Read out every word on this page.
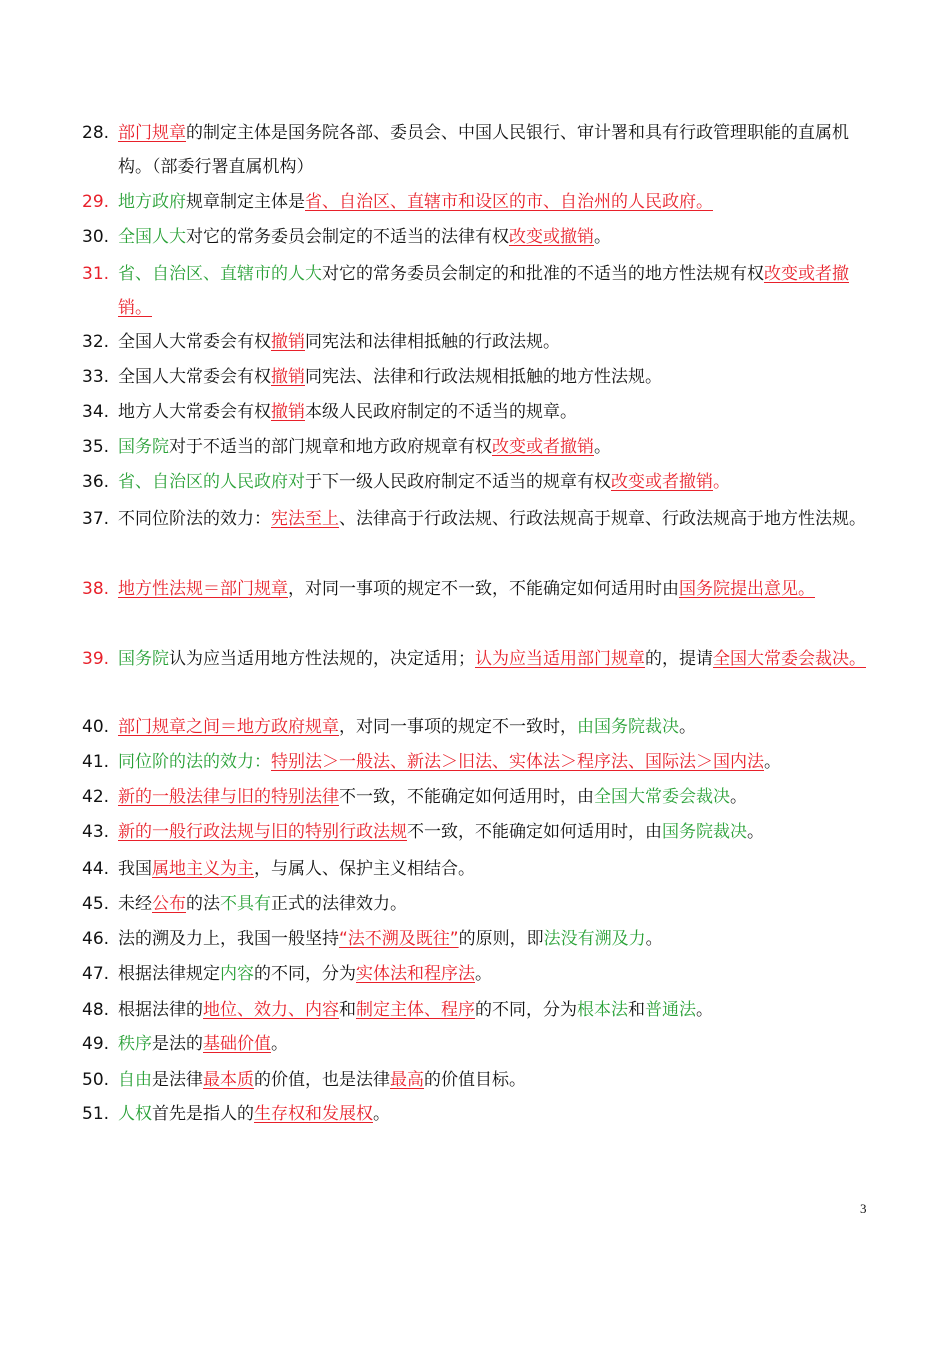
28. 部门规章的制定主体是国务院各部、委员会、中国人民银行、审计署和具有行政管理职能的直属机构。（部委行署直属机构）
29. 地方政府规章制定主体是省、自治区、直辖市和设区的市、自治州的人民政府。
30. 全国人大对它的常务委员会制定的不适当的法律有权改变或撤销。
31. 省、自治区、直辖市的人大对它的常务委员会制定的和批准的不适当的地方性法规有权改变或者撤销。
32. 全国人大常委会有权撤销同宪法和法律相抵触的行政法规。
33. 全国人大常委会有权撤销同宪法、法律和行政法规相抵触的地方性法规。
34. 地方人大常委会有权撤销本级人民政府制定的不适当的规章。
35. 国务院对于不适当的部门规章和地方政府规章有权改变或者撤销。
36. 省、自治区的人民政府对于下一级人民政府制定不适当的规章有权改变或者撤销。
37. 不同位阶法的效力：宪法至上、法律高于行政法规、行政法规高于规章、行政法规高于地方性法规。
38. 地方性法规＝部门规章，对同一事项的规定不一致，不能确定如何适用时由国务院提出意见。
39. 国务院认为应当适用地方性法规的，决定适用；认为应当适用部门规章的，提请全国大常委会裁决。
40. 部门规章之间＝地方政府规章，对同一事项的规定不一致时，由国务院裁决。
41. 同位阶的法的效力：特别法＞一般法、新法＞旧法、实体法＞程序法、国际法＞国内法。
42. 新的一般法律与旧的特别法律不一致，不能确定如何适用时，由全国大常委会裁决。
43. 新的一般行政法规与旧的特别行政法规不一致，不能确定如何适用时，由国务院裁决。
44. 我国属地主义为主，与属人、保护主义相结合。
45. 未经公布的法不具有正式的法律效力。
46. 法的溯及力上，我国一般坚持“法不溯及既往”的原则，即法没有溯及力。
47. 根据法律规定内容的不同，分为实体法和程序法。
48. 根据法律的地位、效力、内容和制定主体、程序的不同，分为根本法和普通法。
49. 秩序是法的基础价值。
50. 自由是法律最本质的价值，也是法律最高的价值目标。
51. 人权首先是指人的生存权和发展权。
3
